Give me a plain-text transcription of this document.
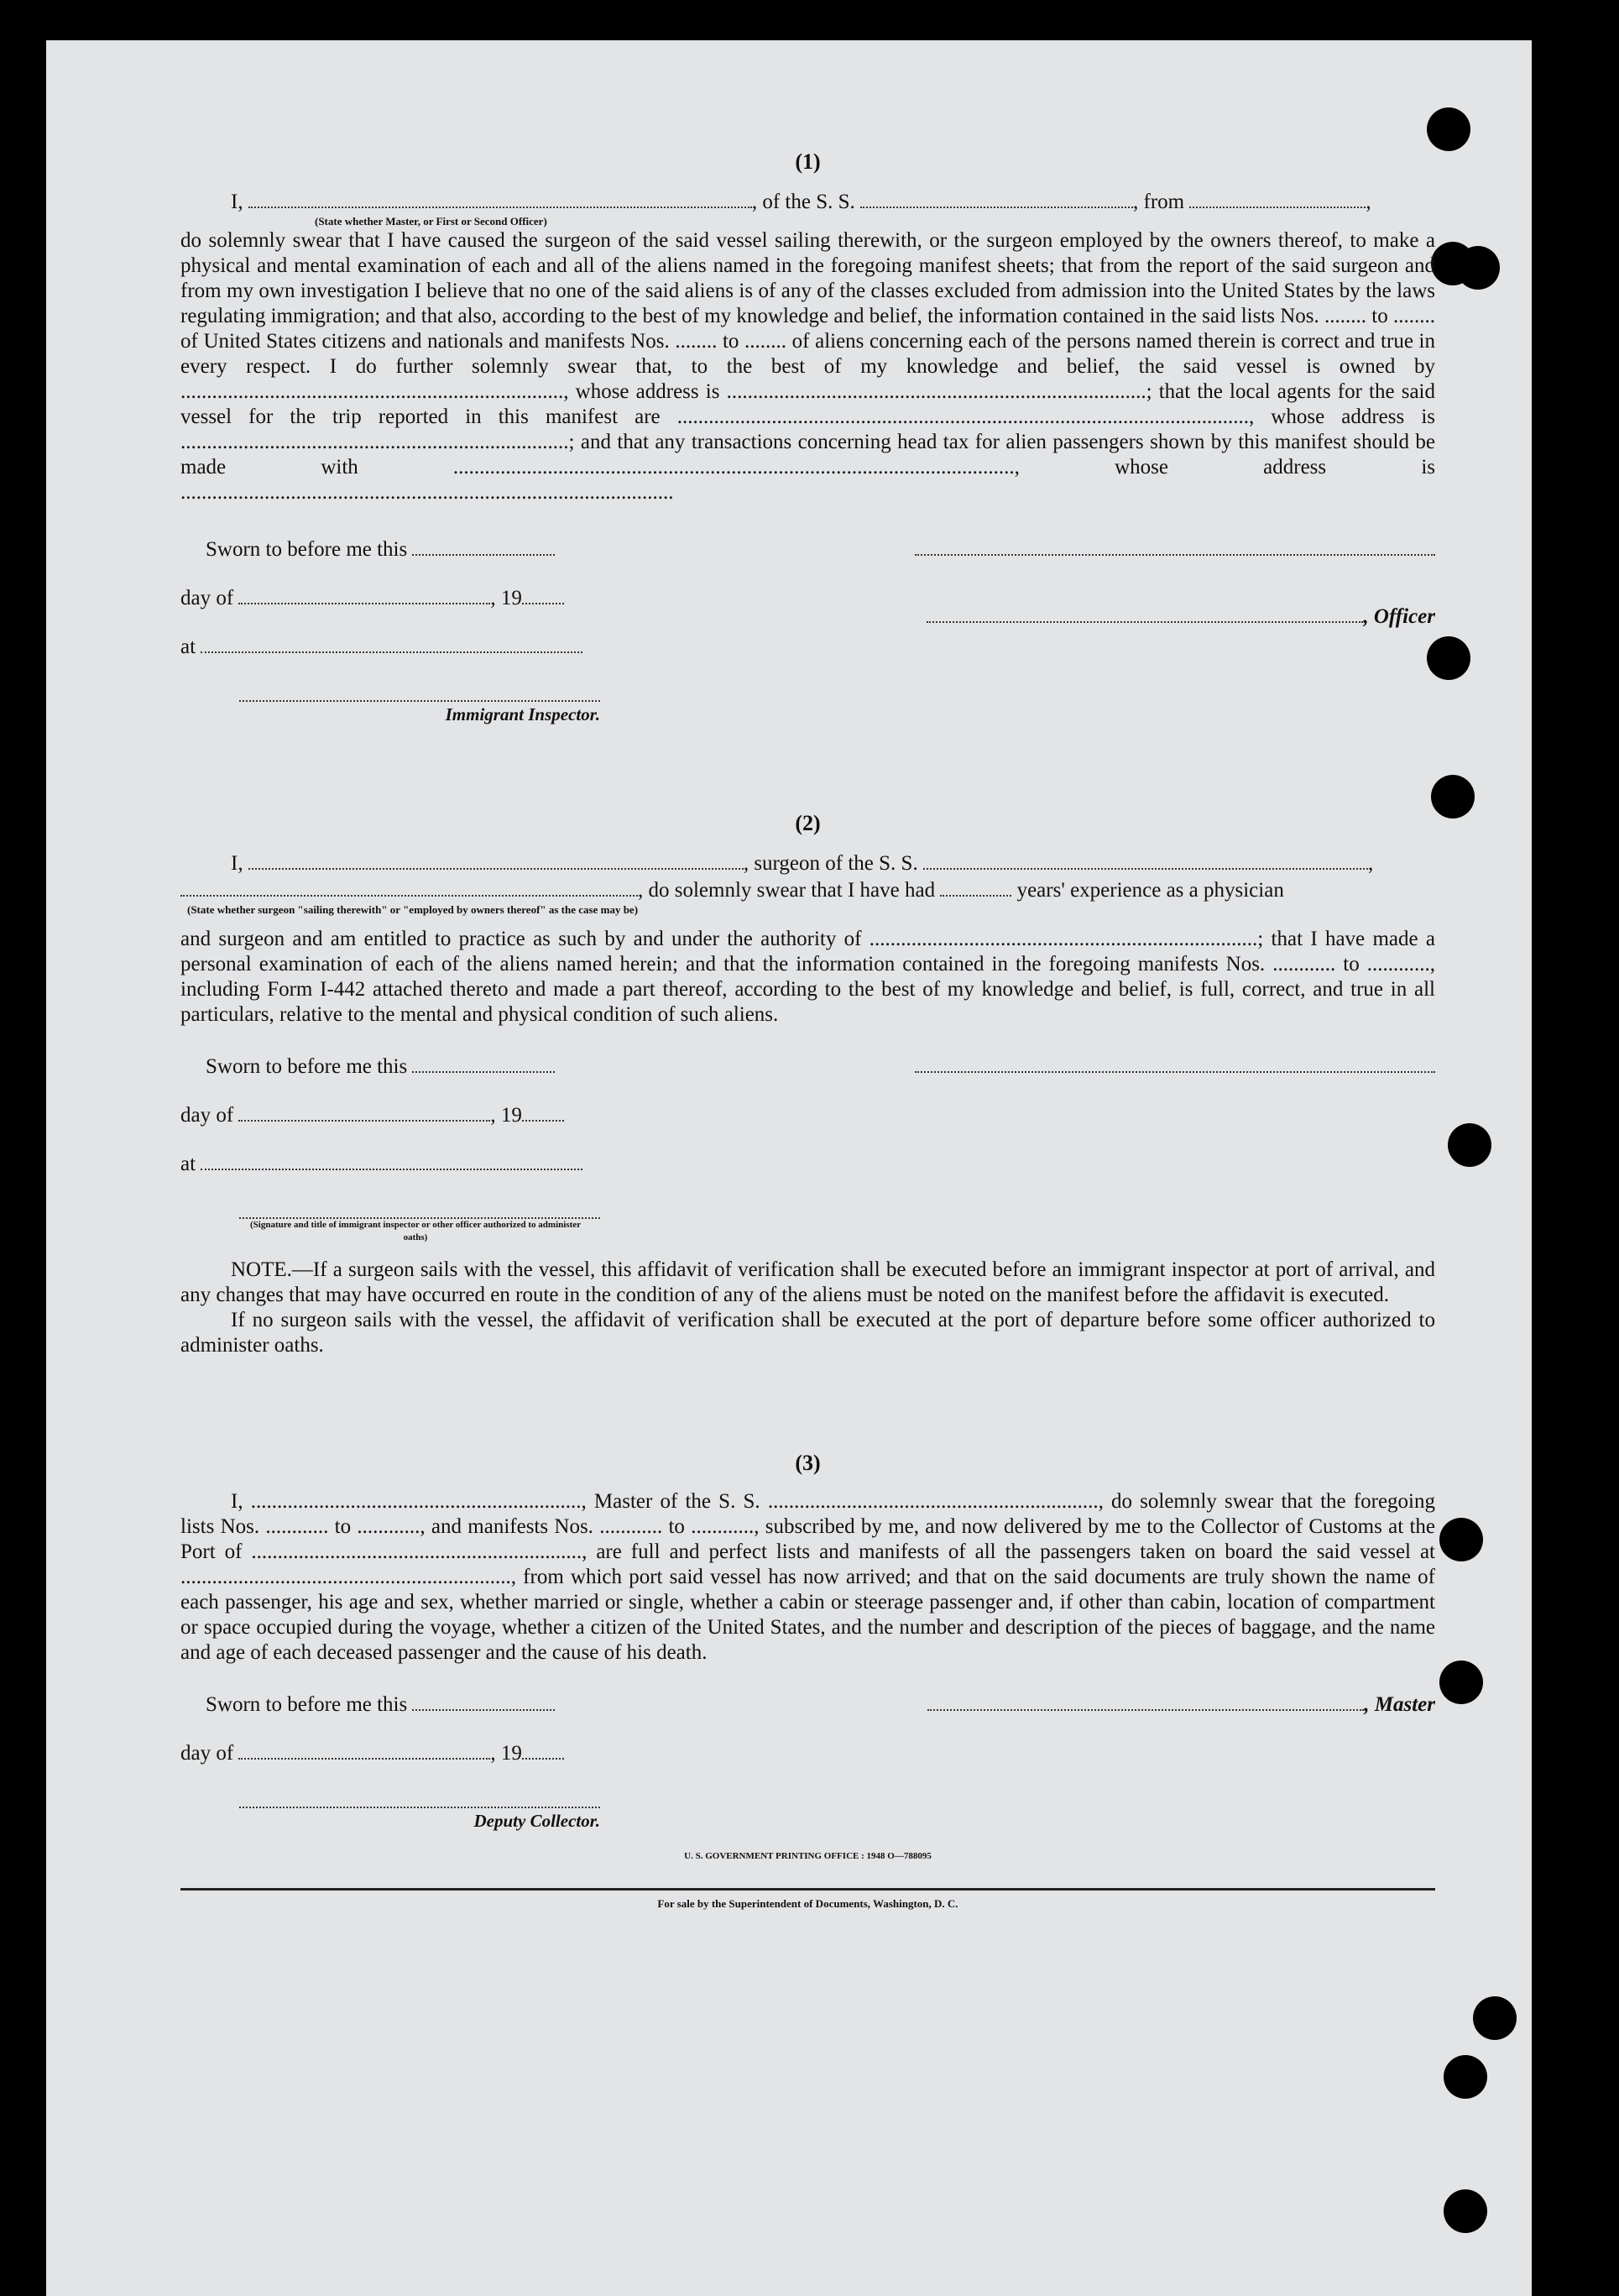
(1)
I,	, of the S. S.	, from	,
(State whether Master, or First or Second Officer)

do solemnly swear that I have caused the surgeon of the said vessel sailing therewith, or the surgeon employed by the owners thereof, to make a physical and mental examination of each and all of the aliens named in the foregoing manifest sheets; that from the report of the said surgeon and from my own investigation I believe that no one of the said aliens is of any of the classes excluded from admission into the United States by the laws regulating immigration; and that also, according to the best of my knowledge and belief, the information contained in the said lists Nos. ........ to ........ of United States citizens and nationals and manifests Nos. ........ to ........ of aliens concerning each of the persons named therein is correct and true in every respect. I do further solemnly swear that, to the best of my knowledge and belief, the said vessel is owned by ........................................................................., whose address is ................................................................................; that the local agents for the said vessel for the trip reported in this manifest are ............................................................................................................., whose address is ..........................................................................; and that any transactions concerning head tax for alien passengers shown by this manifest should be made with ..........................................................................................................., whose address is ..............................................................................................

Sworn to before me this
day of	, 19
, Officer
at
Immigrant Inspector.
(2)
I,	, surgeon of the S. S.	,
, do solemnly swear that I have had	years' experience as a physician
(State whether surgeon "sailing therewith" or "employed by owners thereof" as the case may be)

and surgeon and am entitled to practice as such by and under the authority of ..........................................................................; that I have made a personal examination of each of the aliens named herein; and that the information contained in the foregoing manifests Nos. ............ to ............, including Form I-442 attached thereto and made a part thereof, according to the best of my knowledge and belief, is full, correct, and true in all particulars, relative to the mental and physical condition of such aliens.

Sworn to before me this
day of	, 19
at
(Signature and title of immigrant inspector or other officer authorized to administer oaths)

NOTE.—If a surgeon sails with the vessel, this affidavit of verification shall be executed before an immigrant inspector at port of arrival, and any changes that may have occurred en route in the condition of any of the aliens must be noted on the manifest before the affidavit is executed.

If no surgeon sails with the vessel, the affidavit of verification shall be executed at the port of departure before some officer authorized to administer oaths.

(3)

I, ..............................................................., Master of the S. S. ..............................................................., do solemnly swear that the foregoing lists Nos. ............ to ............, and manifests Nos. ............ to ............, subscribed by me, and now delivered by me to the Collector of Customs at the Port of ..............................................................., are full and perfect lists and manifests of all the passengers taken on board the said vessel at ..............................................................., from which port said vessel has now arrived; and that on the said documents are truly shown the name of each passenger, his age and sex, whether married or single, whether a cabin or steerage passenger and, if other than cabin, location of compartment or space occupied during the voyage, whether a citizen of the United States, and the number and description of the pieces of baggage, and the name and age of each deceased passenger and the cause of his death.

Sworn to before me this	, Master
day of	, 19
Deputy Collector.
U. S. GOVERNMENT PRINTING OFFICE : 1948 O—788095
For sale by the Superintendent of Documents, Washington, D. C.
